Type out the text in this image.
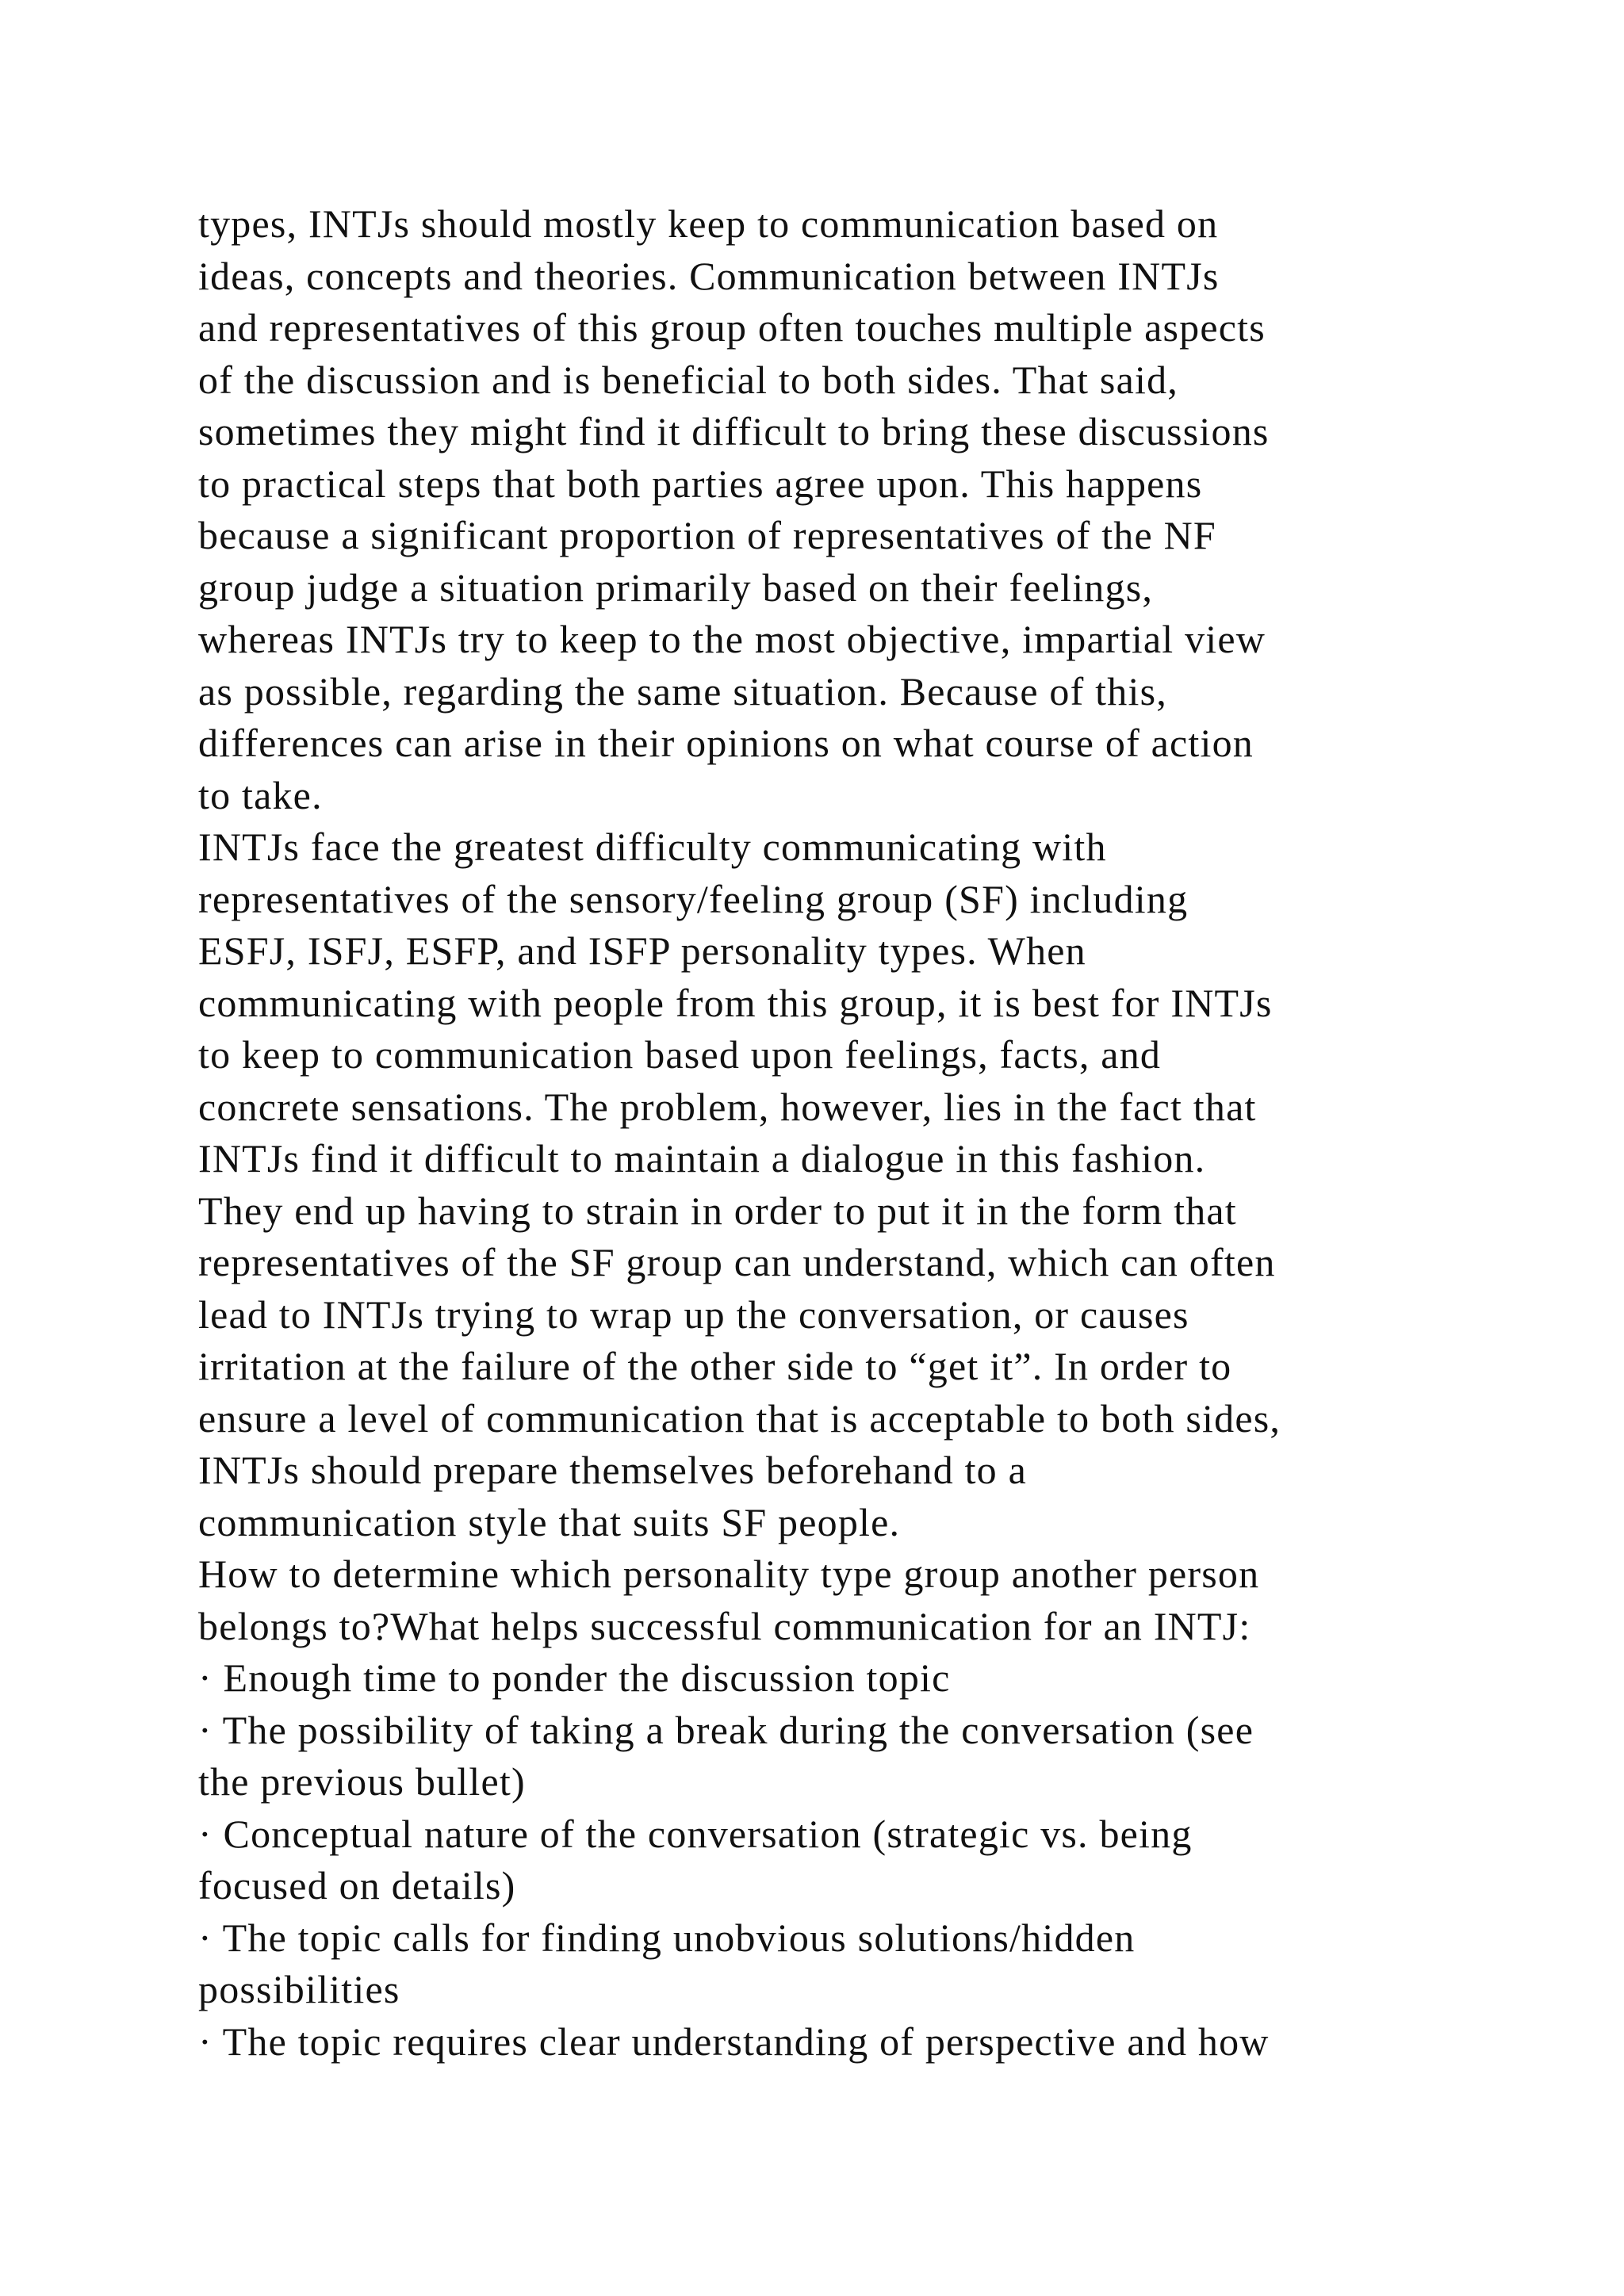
types, INTJs should mostly keep to communication based on
ideas, concepts and theories. Communication between INTJs
and representatives of this group often touches multiple aspects
of the discussion and is beneficial to both sides. That said,
sometimes they might find it difficult to bring these discussions
to practical steps that both parties agree upon. This happens
because a significant proportion of representatives of the NF
group judge a situation primarily based on their feelings,
whereas INTJs try to keep to the most objective, impartial view
as possible, regarding the same situation. Because of this,
differences can arise in their opinions on what course of action
to take.
INTJs face the greatest difficulty communicating with
representatives of the sensory/feeling group (SF) including
ESFJ, ISFJ, ESFP, and ISFP personality types. When
communicating with people from this group, it is best for INTJs
to keep to communication based upon feelings, facts, and
concrete sensations. The problem, however, lies in the fact that
INTJs find it difficult to maintain a dialogue in this fashion.
They end up having to strain in order to put it in the form that
representatives of the SF group can understand, which can often
lead to INTJs trying to wrap up the conversation, or causes
irritation at the failure of the other side to “get it”. In order to
ensure a level of communication that is acceptable to both sides,
INTJs should prepare themselves beforehand to a
communication style that suits SF people.
How to determine which personality type group another person
belongs to?What helps successful communication for an INTJ:
· Enough time to ponder the discussion topic
· The possibility of taking a break during the conversation (see
the previous bullet)
· Conceptual nature of the conversation (strategic vs. being
focused on details)
· The topic calls for finding unobvious solutions/hidden
possibilities
· The topic requires clear understanding of perspective and how
